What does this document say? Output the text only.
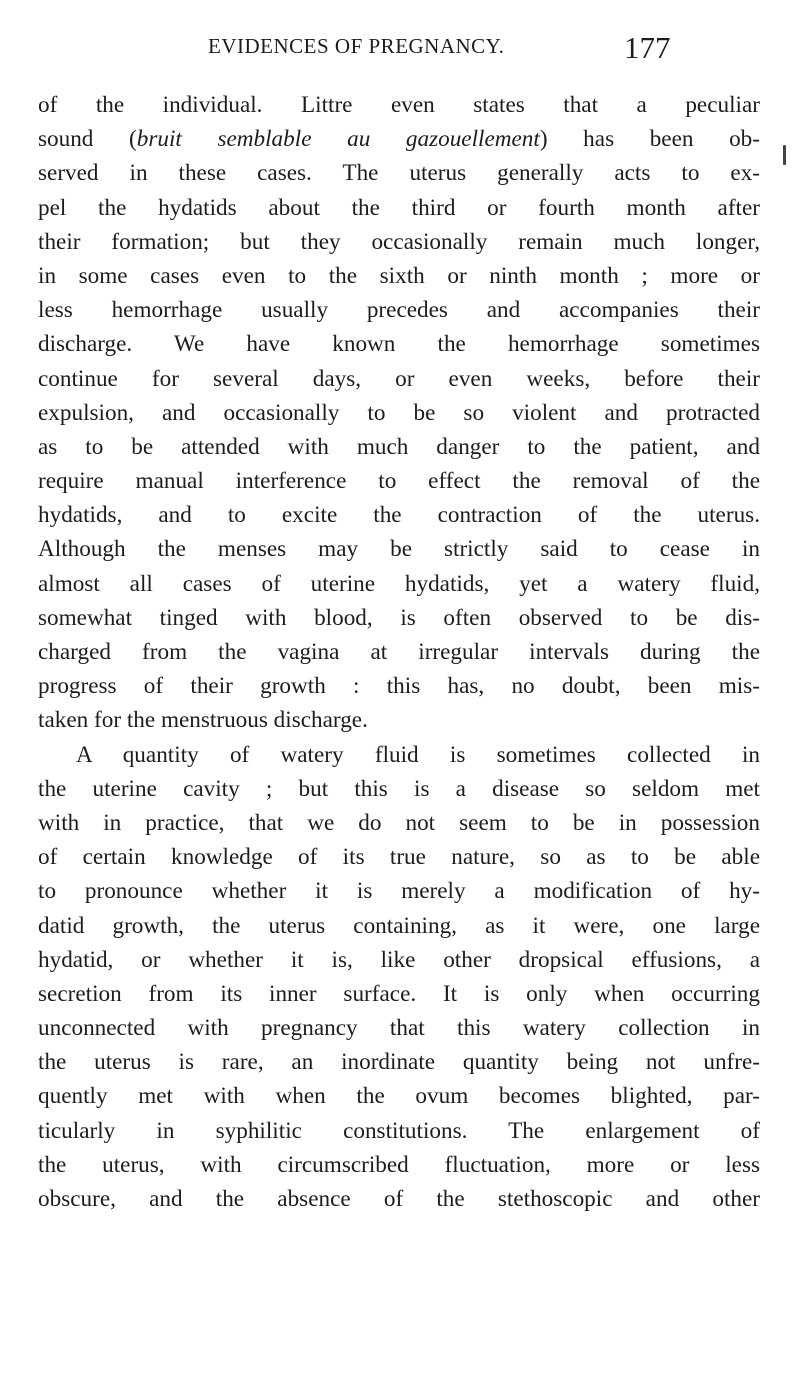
EVIDENCES OF PREGNANCY.	177
of the individual. Littre even states that a peculiar
sound (bruit semblable au gazouellement) has been ob-
served in these cases. The uterus generally acts to ex-
pel the hydatids about the third or fourth month after
their formation; but they occasionally remain much longer,
in some cases even to the sixth or ninth month ; more or
less hemorrhage usually precedes and accompanies their
discharge. We have known the hemorrhage sometimes
continue for several days, or even weeks, before their
expulsion, and occasionally to be so violent and protracted
as to be attended with much danger to the patient, and
require manual interference to effect the removal of the
hydatids, and to excite the contraction of the uterus.
Although the menses may be strictly said to cease in
almost all cases of uterine hydatids, yet a watery fluid,
somewhat tinged with blood, is often observed to be dis-
charged from the vagina at irregular intervals during the
progress of their growth : this has, no doubt, been mis-
taken for the menstruous discharge.
A quantity of watery fluid is sometimes collected in
the uterine cavity ; but this is a disease so seldom met
with in practice, that we do not seem to be in possession
of certain knowledge of its true nature, so as to be able
to pronounce whether it is merely a modification of hy-
datid growth, the uterus containing, as it were, one large
hydatid, or whether it is, like other dropsical effusions, a
secretion from its inner surface. It is only when occurring
unconnected with pregnancy that this watery collection in
the uterus is rare, an inordinate quantity being not unfre-
quently met with when the ovum becomes blighted, par-
ticularly in syphilitic constitutions. The enlargement of
the uterus, with circumscribed fluctuation, more or less
obscure, and the absence of the stethoscopic and other
